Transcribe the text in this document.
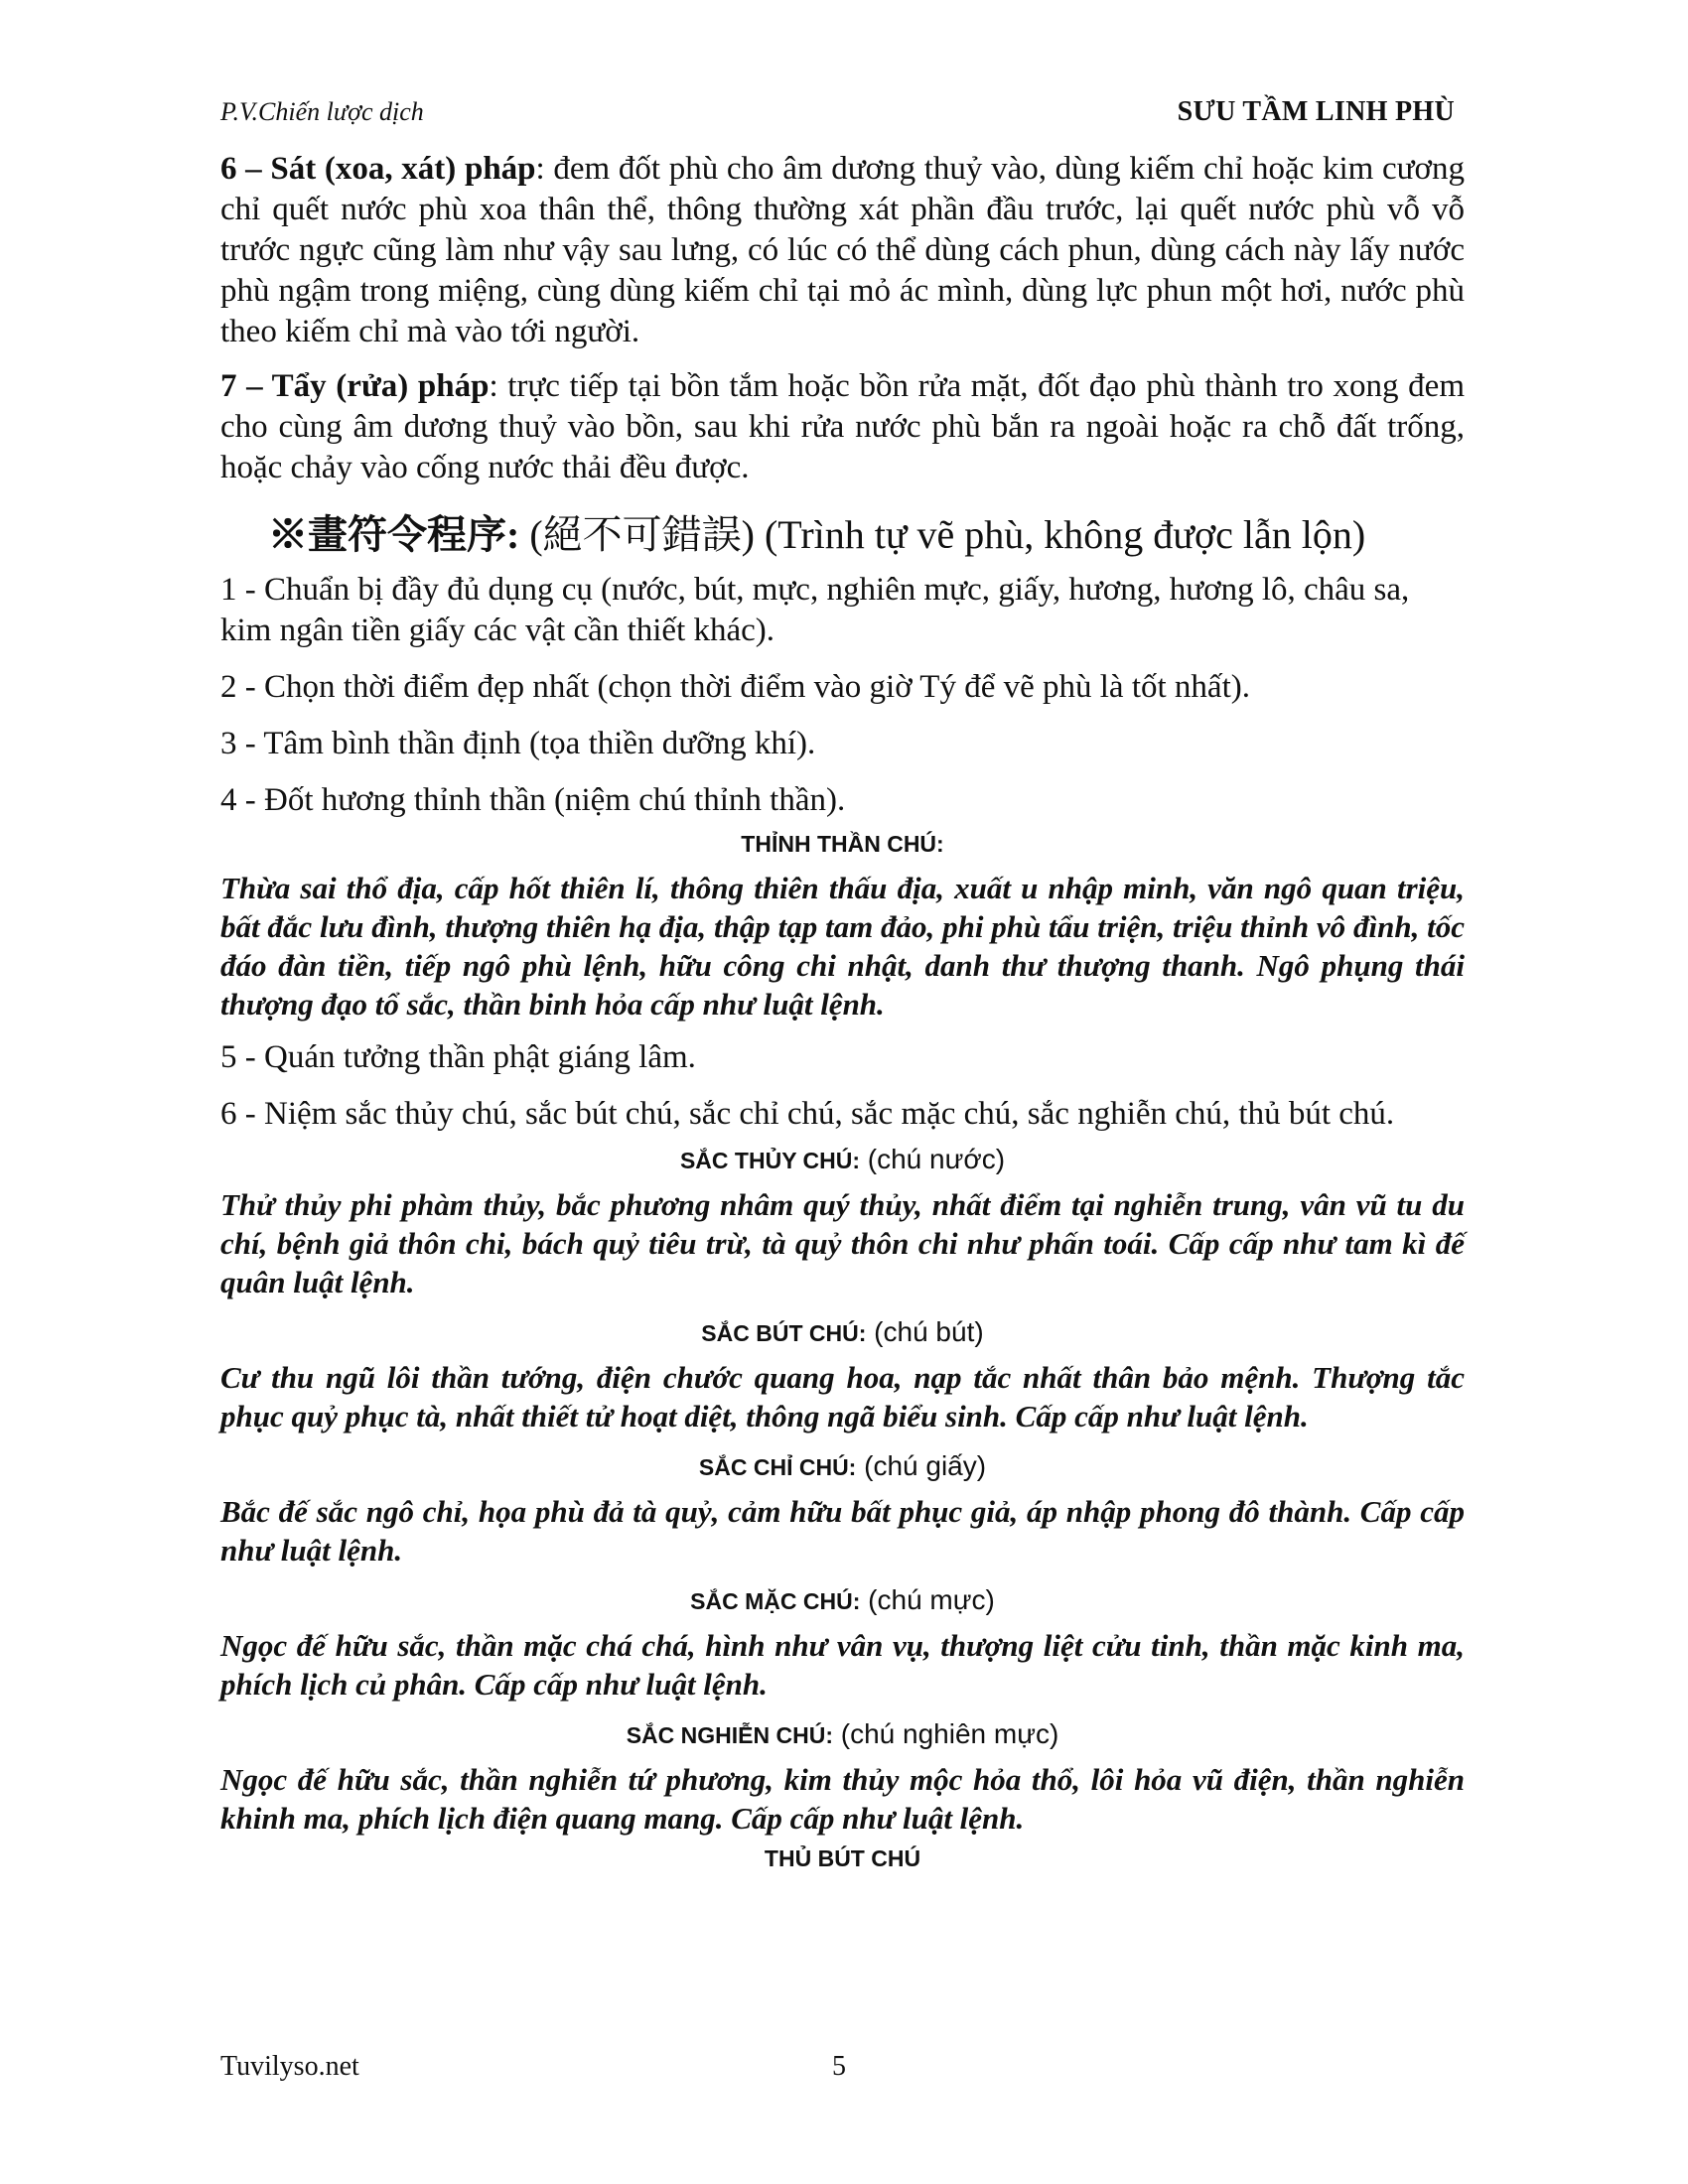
P.V.Chiến lược dịch	SƯU TẦM LINH PHÙ

6 – Sát (xoa, xát) pháp: đem đốt phù cho âm dương thuỷ vào, dùng kiếm chỉ hoặc kim cương chỉ quết nước phù xoa thân thể, thông thường xát phần đầu trước, lại quết nước phù vỗ vỗ trước ngực cũng làm như vậy sau lưng, có lúc có thể dùng cách phun, dùng cách này lấy nước phù ngậm trong miệng, cùng dùng kiếm chỉ tại mỏ ác mình, dùng lực phun một hơi, nước phù theo kiếm chỉ mà vào tới người.

7 – Tẩy (rửa) pháp: trực tiếp tại bồn tắm hoặc bồn rửa mặt, đốt đạo phù thành tro xong đem cho cùng âm dương thuỷ vào bồn, sau khi rửa nước phù bắn ra ngoài hoặc ra chỗ đất trống, hoặc chảy vào cống nước thải đều được.

※畫符令程序: (絕不可錯誤) (Trình tự vẽ phù, không được lẫn lộn)
1 - Chuẩn bị đầy đủ dụng cụ (nước, bút, mực, nghiên mực, giấy, hương, hương lô, châu sa, kim ngân tiền giấy các vật cần thiết khác).
2 - Chọn thời điểm đẹp nhất (chọn thời điểm vào giờ Tý để vẽ phù là tốt nhất).
3 - Tâm bình thần định (tọa thiền dưỡng khí).
4 - Đốt hương thỉnh thần (niệm chú thỉnh thần).
THỈNH THẦN CHÚ:
Thừa sai thổ địa, cấp hốt thiên lí, thông thiên thấu địa, xuất u nhập minh, văn ngô quan triệu, bất đắc lưu đình, thượng thiên hạ địa, thập tạp tam đảo, phi phù tẩu triện, triệu thỉnh vô đình, tốc đáo đàn tiền, tiếp ngô phù lệnh, hữu công chi nhật, danh thư thượng thanh. Ngô phụng thái thượng đạo tổ sắc, thần binh hỏa cấp như luật lệnh.
5 - Quán tưởng thần phật giáng lâm.
6 - Niệm sắc thủy chú, sắc bút chú, sắc chỉ chú, sắc mặc chú, sắc nghiễn chú, thủ bút chú.
SẮC THỦY CHÚ: (chú nước)
Thử thủy phi phàm thủy, bắc phương nhâm quý thủy, nhất điểm tại nghiễn trung, vân vũ tu du chí, bệnh giả thôn chi, bách quỷ tiêu trừ, tà quỷ thôn chi như phấn toái. Cấp cấp như tam kì đế quân luật lệnh.
SẮC BÚT CHÚ: (chú bút)
Cư thu ngũ lôi thần tướng, điện chước quang hoa, nạp tắc nhất thân bảo mệnh. Thượng tắc phục quỷ phục tà, nhất thiết tử hoạt diệt, thông ngã biểu sinh. Cấp cấp như luật lệnh.
SẮC CHỈ CHÚ: (chú giấy)
Bắc đế sắc ngô chỉ, họa phù đả tà quỷ, cảm hữu bất phục giả, áp nhập phong đô thành. Cấp cấp như luật lệnh.
SẮC MẶC CHÚ: (chú mực)
Ngọc đế hữu sắc, thần mặc chá chá, hình như vân vụ, thượng liệt cửu tinh, thần mặc kinh ma, phích lịch củ phân. Cấp cấp như luật lệnh.
SẮC NGHIỄN CHÚ: (chú nghiên mực)
Ngọc đế hữu sắc, thần nghiễn tứ phương, kim thủy mộc hỏa thổ, lôi hỏa vũ điện, thần nghiễn khinh ma, phích lịch điện quang mang. Cấp cấp như luật lệnh.
THỦ BÚT CHÚ
Tuvilyso.net	5
